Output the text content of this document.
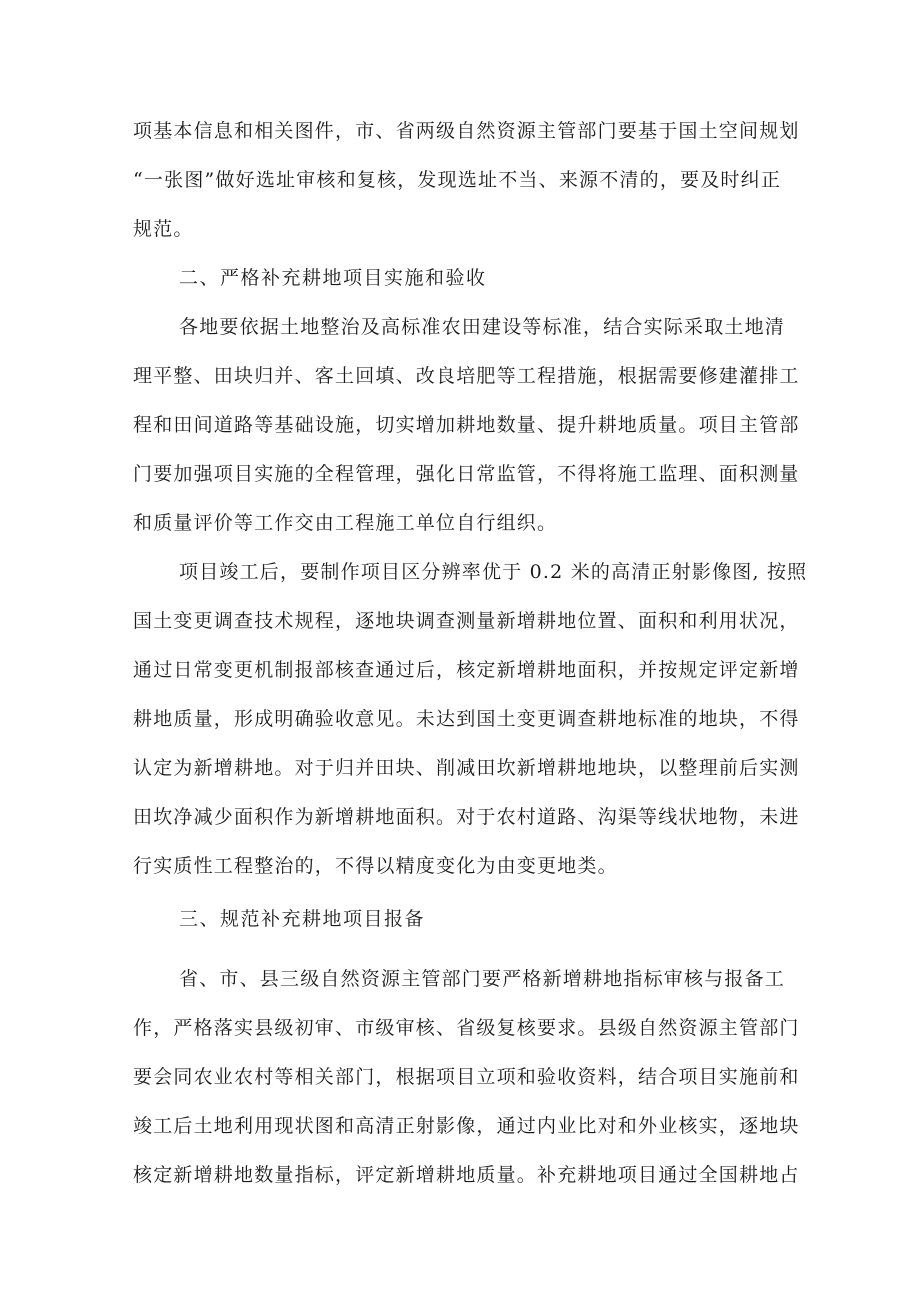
项基本信息和相关图件，市、省两级自然资源主管部门要基于国土空间规划
“一张图”做好选址审核和复核，发现选址不当、来源不清的，要及时纠正
规范。
二、严格补充耕地项目实施和验收
各地要依据土地整治及高标准农田建设等标准，结合实际采取土地清
理平整、田块归并、客土回填、改良培肥等工程措施，根据需要修建灌排工
程和田间道路等基础设施，切实增加耕地数量、提升耕地质量。项目主管部
门要加强项目实施的全程管理，强化日常监管，不得将施工监理、面积测量
和质量评价等工作交由工程施工单位自行组织。
项目竣工后，要制作项目区分辨率优于 0.2 米的高清正射影像图, 按照
国土变更调查技术规程，逐地块调查测量新增耕地位置、面积和利用状况，
通过日常变更机制报部核查通过后，核定新增耕地面积，并按规定评定新增
耕地质量，形成明确验收意见。未达到国土变更调查耕地标准的地块，不得
认定为新增耕地。对于归并田块、削减田坎新增耕地地块，以整理前后实测
田坎净减少面积作为新增耕地面积。对于农村道路、沟渠等线状地物，未进
行实质性工程整治的，不得以精度变化为由变更地类。
三、规范补充耕地项目报备
省、市、县三级自然资源主管部门要严格新增耕地指标审核与报备工
作，严格落实县级初审、市级审核、省级复核要求。县级自然资源主管部门
要会同农业农村等相关部门，根据项目立项和验收资料，结合项目实施前和
竣工后土地利用现状图和高清正射影像，通过内业比对和外业核实，逐地块
核定新增耕地数量指标，评定新增耕地质量。补充耕地项目通过全国耕地占
